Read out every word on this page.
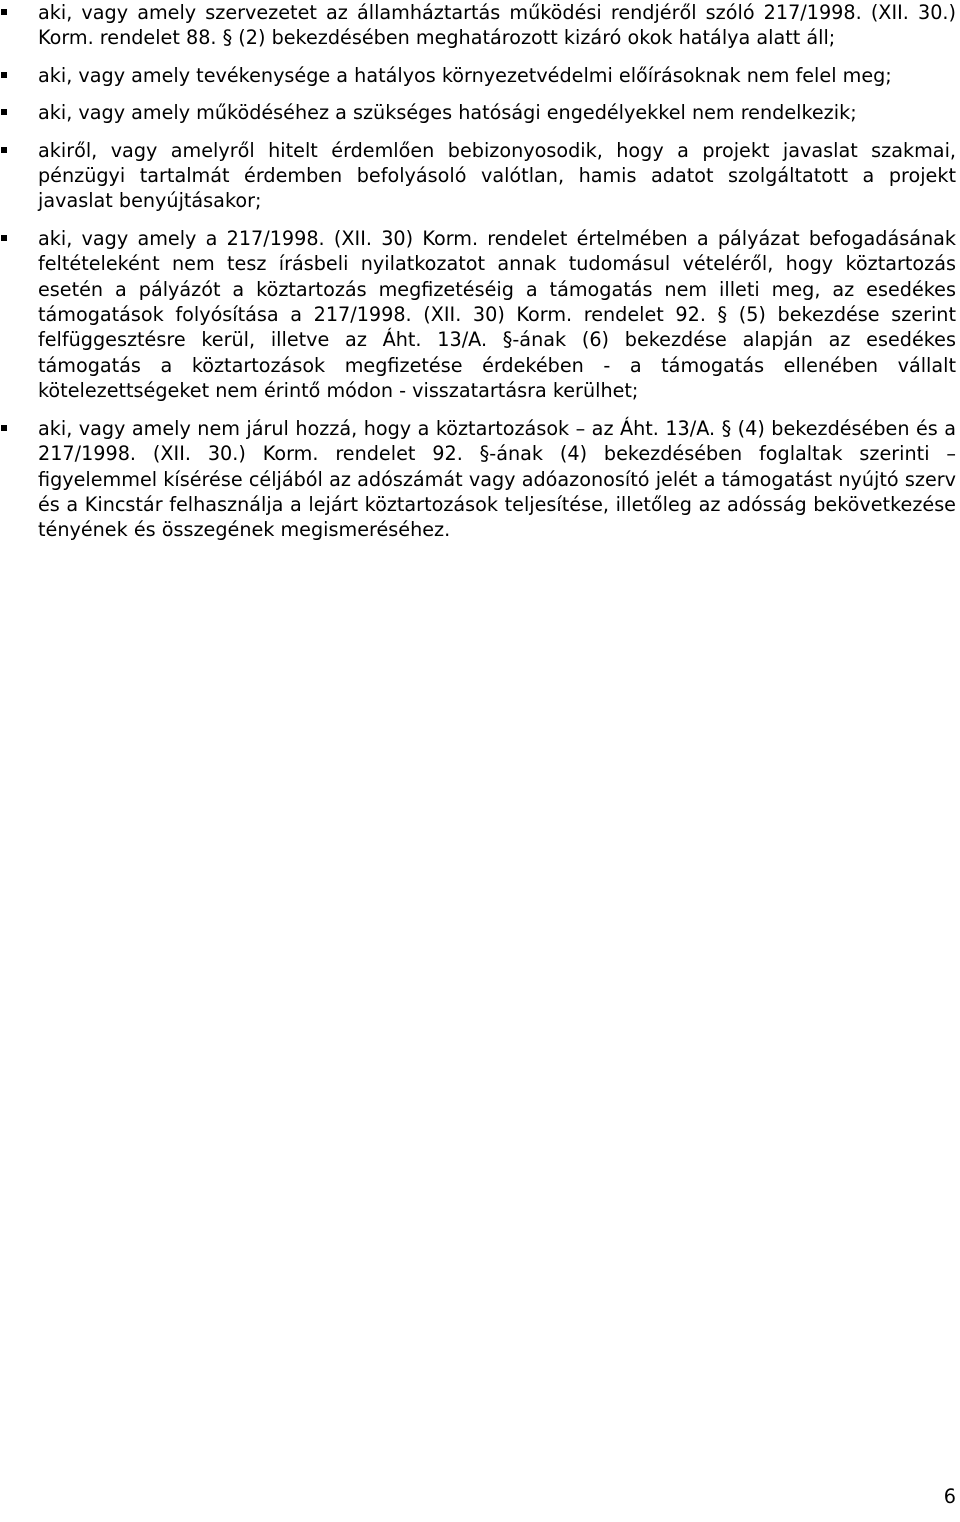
aki, vagy amely szervezetet az államháztartás működési rendjéről szóló 217/1998. (XII. 30.) Korm. rendelet 88. § (2) bekezdésében meghatározott kizáró okok hatálya alatt áll;
aki, vagy amely tevékenysége a hatályos környezetvédelmi előírásoknak nem felel meg;
aki, vagy amely működéséhez a szükséges hatósági engedélyekkel nem rendelkezik;
akiről, vagy amelyről hitelt érdemlően bebizonyosodik, hogy a projekt javaslat szakmai, pénzügyi tartalmát érdemben befolyásoló valótlan, hamis adatot szolgáltatott a projekt javaslat benyújtásakor;
aki, vagy amely a 217/1998. (XII. 30) Korm. rendelet értelmében a pályázat befogadásának feltételeként nem tesz írásbeli nyilatkozatot annak tudomásul vételéről, hogy köztartozás esetén a pályázót a köztartozás megfizetéséig a támogatás nem illeti meg, az esedékes támogatások folyósítása a 217/1998. (XII. 30) Korm. rendelet 92. § (5) bekezdése szerint felfüggesztésre kerül, illetve az Áht. 13/A. §-ának (6) bekezdése alapján az esedékes támogatás a köztartozások megfizetése érdekében - a támogatás ellenében vállalt kötelezettségeket nem érintő módon - visszatartásra kerülhet;
aki, vagy amely nem járul hozzá, hogy a köztartozások – az Áht. 13/A. § (4) bekezdésében és a 217/1998. (XII. 30.) Korm. rendelet 92. §-ának (4) bekezdésében foglaltak szerinti – figyelemmel kísérése céljából az adószámát vagy adóazonosító jelét a támogatást nyújtó szerv és a Kincstár felhasználja a lejárt köztartozások teljesítése, illetőleg az adósság bekövetkezése tényének és összegének megismeréséhez.
6
